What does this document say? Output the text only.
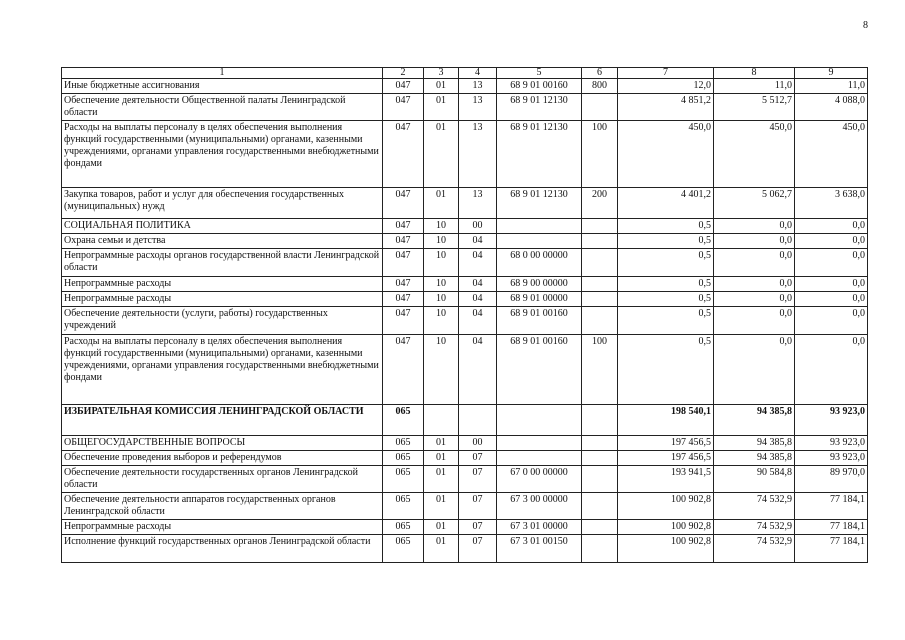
8
1	2	3	4	5	6	7	8	9
Иные бюджетные ассигнования	047	01	13	68 9 01 00160	800	12,0	11,0	11,0
Обеспечение деятельности Общественной палаты Ленинградской области	047	01	13	68 9 01 12130		4 851,2	5 512,7	4 088,0
Расходы на выплаты персоналу в целях обеспечения выполнения функций государственными (муниципальными) органами, казенными учреждениями, органами управления государственными внебюджетными фондами	047	01	13	68 9 01 12130	100	450,0	450,0	450,0
Закупка товаров, работ и услуг для обеспечения государственных (муниципальных) нужд	047	01	13	68 9 01 12130	200	4 401,2	5 062,7	3 638,0
СОЦИАЛЬНАЯ ПОЛИТИКА	047	10	00			0,5	0,0	0,0
Охрана семьи и детства	047	10	04			0,5	0,0	0,0
Непрограммные расходы органов государственной власти Ленинградской области	047	10	04	68 0 00 00000		0,5	0,0	0,0
Непрограммные расходы	047	10	04	68 9 00 00000		0,5	0,0	0,0
Непрограммные расходы	047	10	04	68 9 01 00000		0,5	0,0	0,0
Обеспечение деятельности (услуги, работы) государственных учреждений	047	10	04	68 9 01 00160		0,5	0,0	0,0
Расходы на выплаты персоналу в целях обеспечения выполнения функций государственными (муниципальными) органами, казенными учреждениями, органами управления государственными внебюджетными фондами	047	10	04	68 9 01 00160	100	0,5	0,0	0,0
ИЗБИРАТЕЛЬНАЯ КОМИССИЯ ЛЕНИНГРАДСКОЙ ОБЛАСТИ	065					198 540,1	94 385,8	93 923,0
ОБЩЕГОСУДАРСТВЕННЫЕ ВОПРОСЫ	065	01	00			197 456,5	94 385,8	93 923,0
Обеспечение проведения выборов и референдумов	065	01	07			197 456,5	94 385,8	93 923,0
Обеспечение деятельности государственных органов Ленинградской области	065	01	07	67 0 00 00000		193 941,5	90 584,8	89 970,0
Обеспечение деятельности аппаратов государственных органов Ленинградской области	065	01	07	67 3 00 00000		100 902,8	74 532,9	77 184,1
Непрограммные расходы	065	01	07	67 3 01 00000		100 902,8	74 532,9	77 184,1
Исполнение функций государственных органов Ленинградской области	065	01	07	67 3 01 00150		100 902,8	74 532,9	77 184,1
